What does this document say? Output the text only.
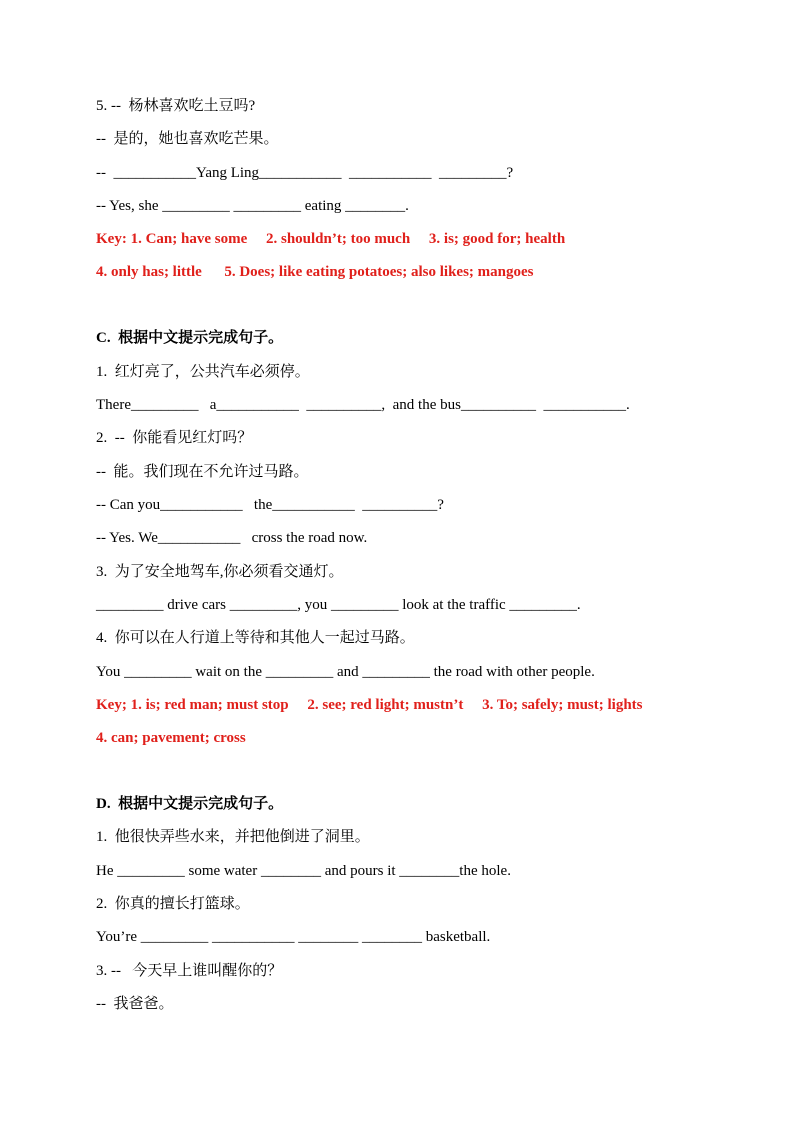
5. --  杨林喜欢吃土豆吗?
--  是的，她也喜欢吃芒果。
--  ___________Yang Ling___________  ___________  _________?
-- Yes, she _________ _________ eating ________.
Key: 1. Can; have some     2. shouldn’t; too much     3. is; good for; health
4. only has; little      5. Does; like eating potatoes; also likes; mangoes
C.  根据中文提示完成句子。
1.  红灯亮了，公共汽车必须停。
There_________   a___________  __________,  and the bus__________  ___________.
2.  --  你能看见红灯吗？
--  能。我们现在不允许过马路。
-- Can you___________   the___________  __________?
-- Yes. We___________   cross the road now.
3.  为了安全地驾车,你必须看交通灯。
_________ drive cars _________, you _________ look at the traffic _________.
4.  你可以在人行道上等待和其他人一起过马路。
You _________ wait on the _________ and _________ the road with other people.
Key; 1. is; red man; must stop     2. see; red light; mustn’t     3. To; safely; must; lights
4. can; pavement; cross
D.  根据中文提示完成句子。
1.  他很快弄些水来，并把他倒进了洞里。
He _________ some water ________ and pours it ________the hole.
2.  你真的擅长打篮球。
You’re _________ ___________ ________ ________ basketball.
3. --   今天早上谁叫醒你的？
--  我爸爸。
